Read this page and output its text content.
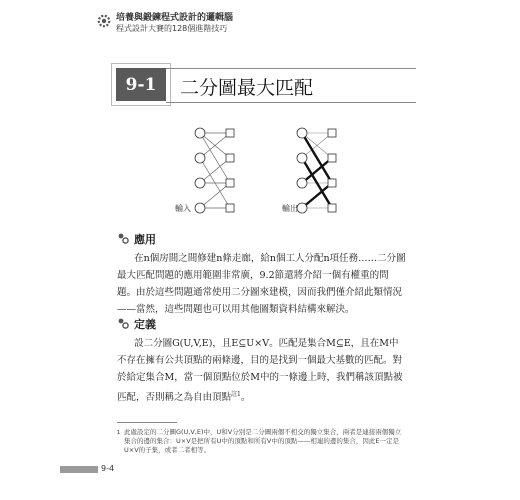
培養與鍛鍊程式設計的邏輯腦
程式設計大賽的128個進階技巧
9-1	二分圖最大匹配
輸入	輸出
應用

在n個房間之間修建n條走廊，給n個工人分配n項任務……二分圖最大匹配問題的應用範圍非常廣，9.2節還將介紹一個有權重的問題。由於這些問題通常使用二分圖來建模，因而我們僅介紹此類情況——當然，這些問題也可以用其他圖類資料結構來解決。

定義

設二分圖G(U,V,E)，且E⊆U×V。匹配是集合M⊆E，且在M中不存在擁有公共頂點的兩條邊，目的是找到一個最大基數的匹配。對於給定集合M，當一個頂點位於M中的一條邊上時，我們稱該頂點被匹配，否則稱之為自由頂點$^{註1}$。

1 此處設定的二分圖G(U,V,E)中，U和V分別是二分圖兩個不相交的獨立集合，兩者是連接兩個獨立集合的邊的集合：U×V是把所有U中的頂點和所有V中的頂點——相連的邊的集合，因此E一定是U×V的子集，或者二者相等。
9-4
